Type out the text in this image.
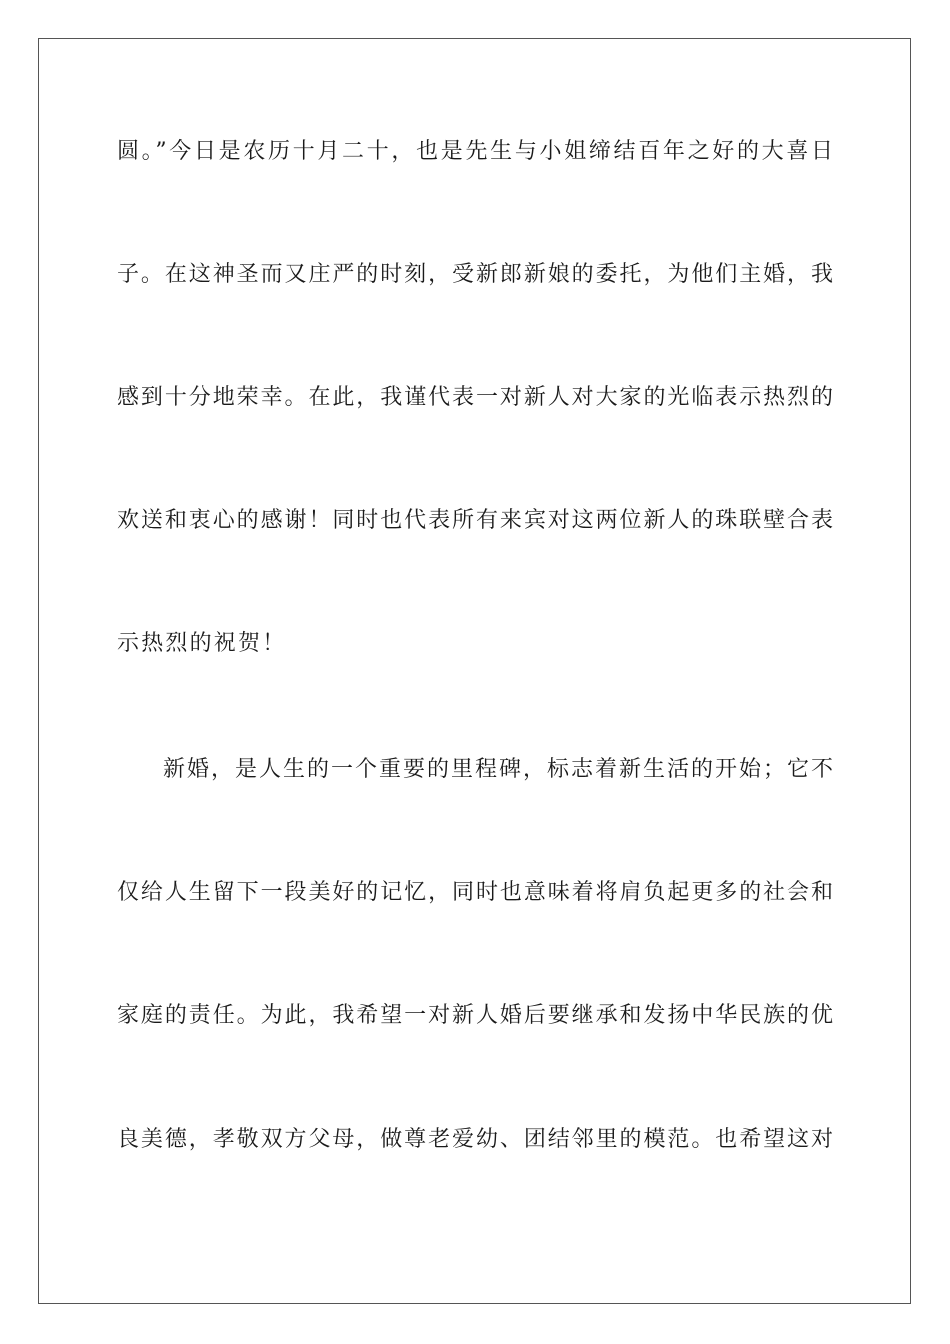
圆。”今日是农历十月二十，也是先生与小姐缔结百年之好的大喜日
子。在这神圣而又庄严的时刻，受新郎新娘的委托，为他们主婚，我
感到十分地荣幸。在此，我谨代表一对新人对大家的光临表示热烈的
欢送和衷心的感谢！同时也代表所有来宾对这两位新人的珠联壁合表
示热烈的祝贺！
新婚，是人生的一个重要的里程碑，标志着新生活的开始；它不
仅给人生留下一段美好的记忆，同时也意味着将肩负起更多的社会和
家庭的责任。为此，我希望一对新人婚后要继承和发扬中华民族的优
良美德，孝敬双方父母，做尊老爱幼、团结邻里的模范。也希望这对
